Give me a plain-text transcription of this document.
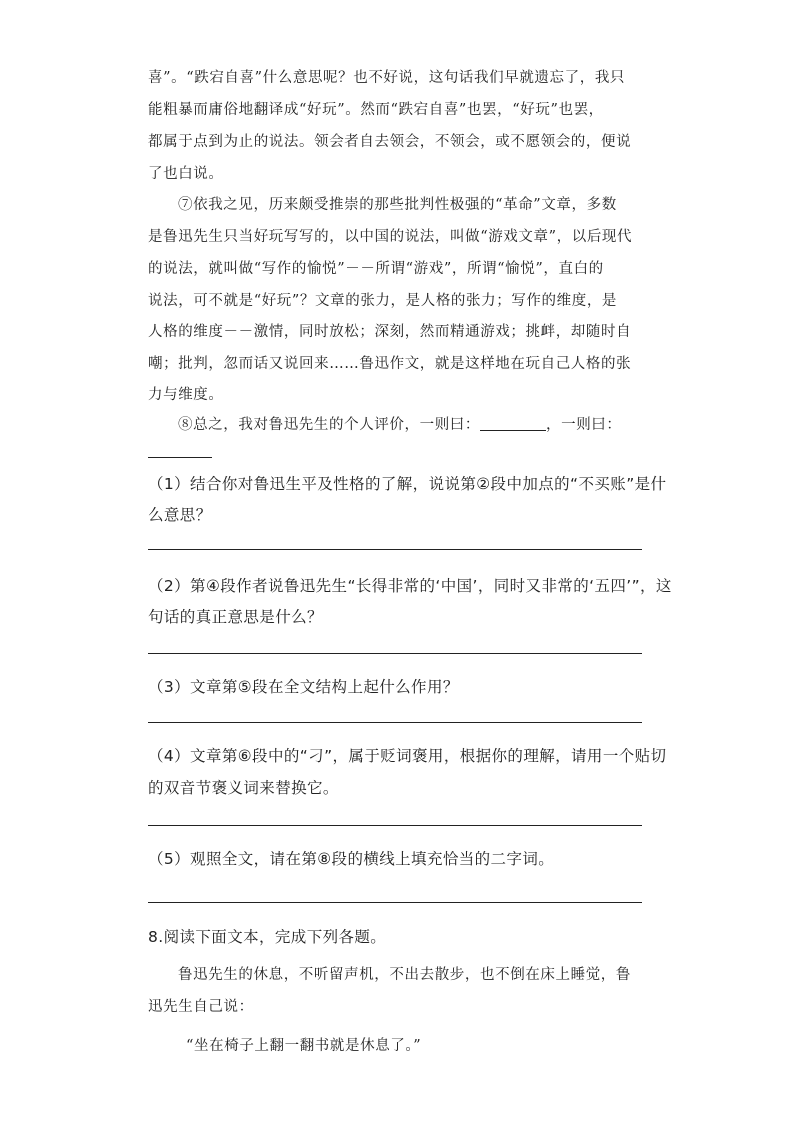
喜”。“跌宕自喜”什么意思呢？也不好说，这句话我们早就遗忘了，我只
能粗暴而庸俗地翻译成“好玩”。然而“跌宕自喜”也罢，“好玩”也罢，
都属于点到为止的说法。领会者自去领会，不领会，或不愿领会的，便说
了也白说。
⑦依我之见，历来颇受推崇的那些批判性极强的“革命”文章，多数
是鲁迅先生只当好玩写写的，以中国的说法，叫做“游戏文章”，以后现代
的说法，就叫做“写作的愉悦”－－所谓“游戏”，所谓“愉悦”，直白的
说法，可不就是“好玩”？文章的张力，是人格的张力；写作的维度，是
人格的维度－－激情，同时放松；深刻，然而精通游戏；挑衅，却随时自
嘲；批判，忽而话又说回来……鲁迅作文，就是这样地在玩自己人格的张
力与维度。
⑧总之，我对鲁迅先生的个人评价，一则曰：	，一则曰：
（1）结合你对鲁迅生平及性格的了解，说说第②段中加点的“不买账”是什
么意思？
（2）第④段作者说鲁迅先生“长得非常的‘中国’，同时又非常的‘五四’”，这
句话的真正意思是什么？
（3）文章第⑤段在全文结构上起什么作用？
（4）文章第⑥段中的“刁”，属于贬词褒用，根据你的理解，请用一个贴切
的双音节褒义词来替换它。
（5）观照全文，请在第⑧段的横线上填充恰当的二字词。
8.阅读下面文本，完成下列各题。
鲁迅先生的休息，不听留声机，不出去散步，也不倒在床上睡觉，鲁
迅先生自己说：
“坐在椅子上翻一翻书就是休息了。”
